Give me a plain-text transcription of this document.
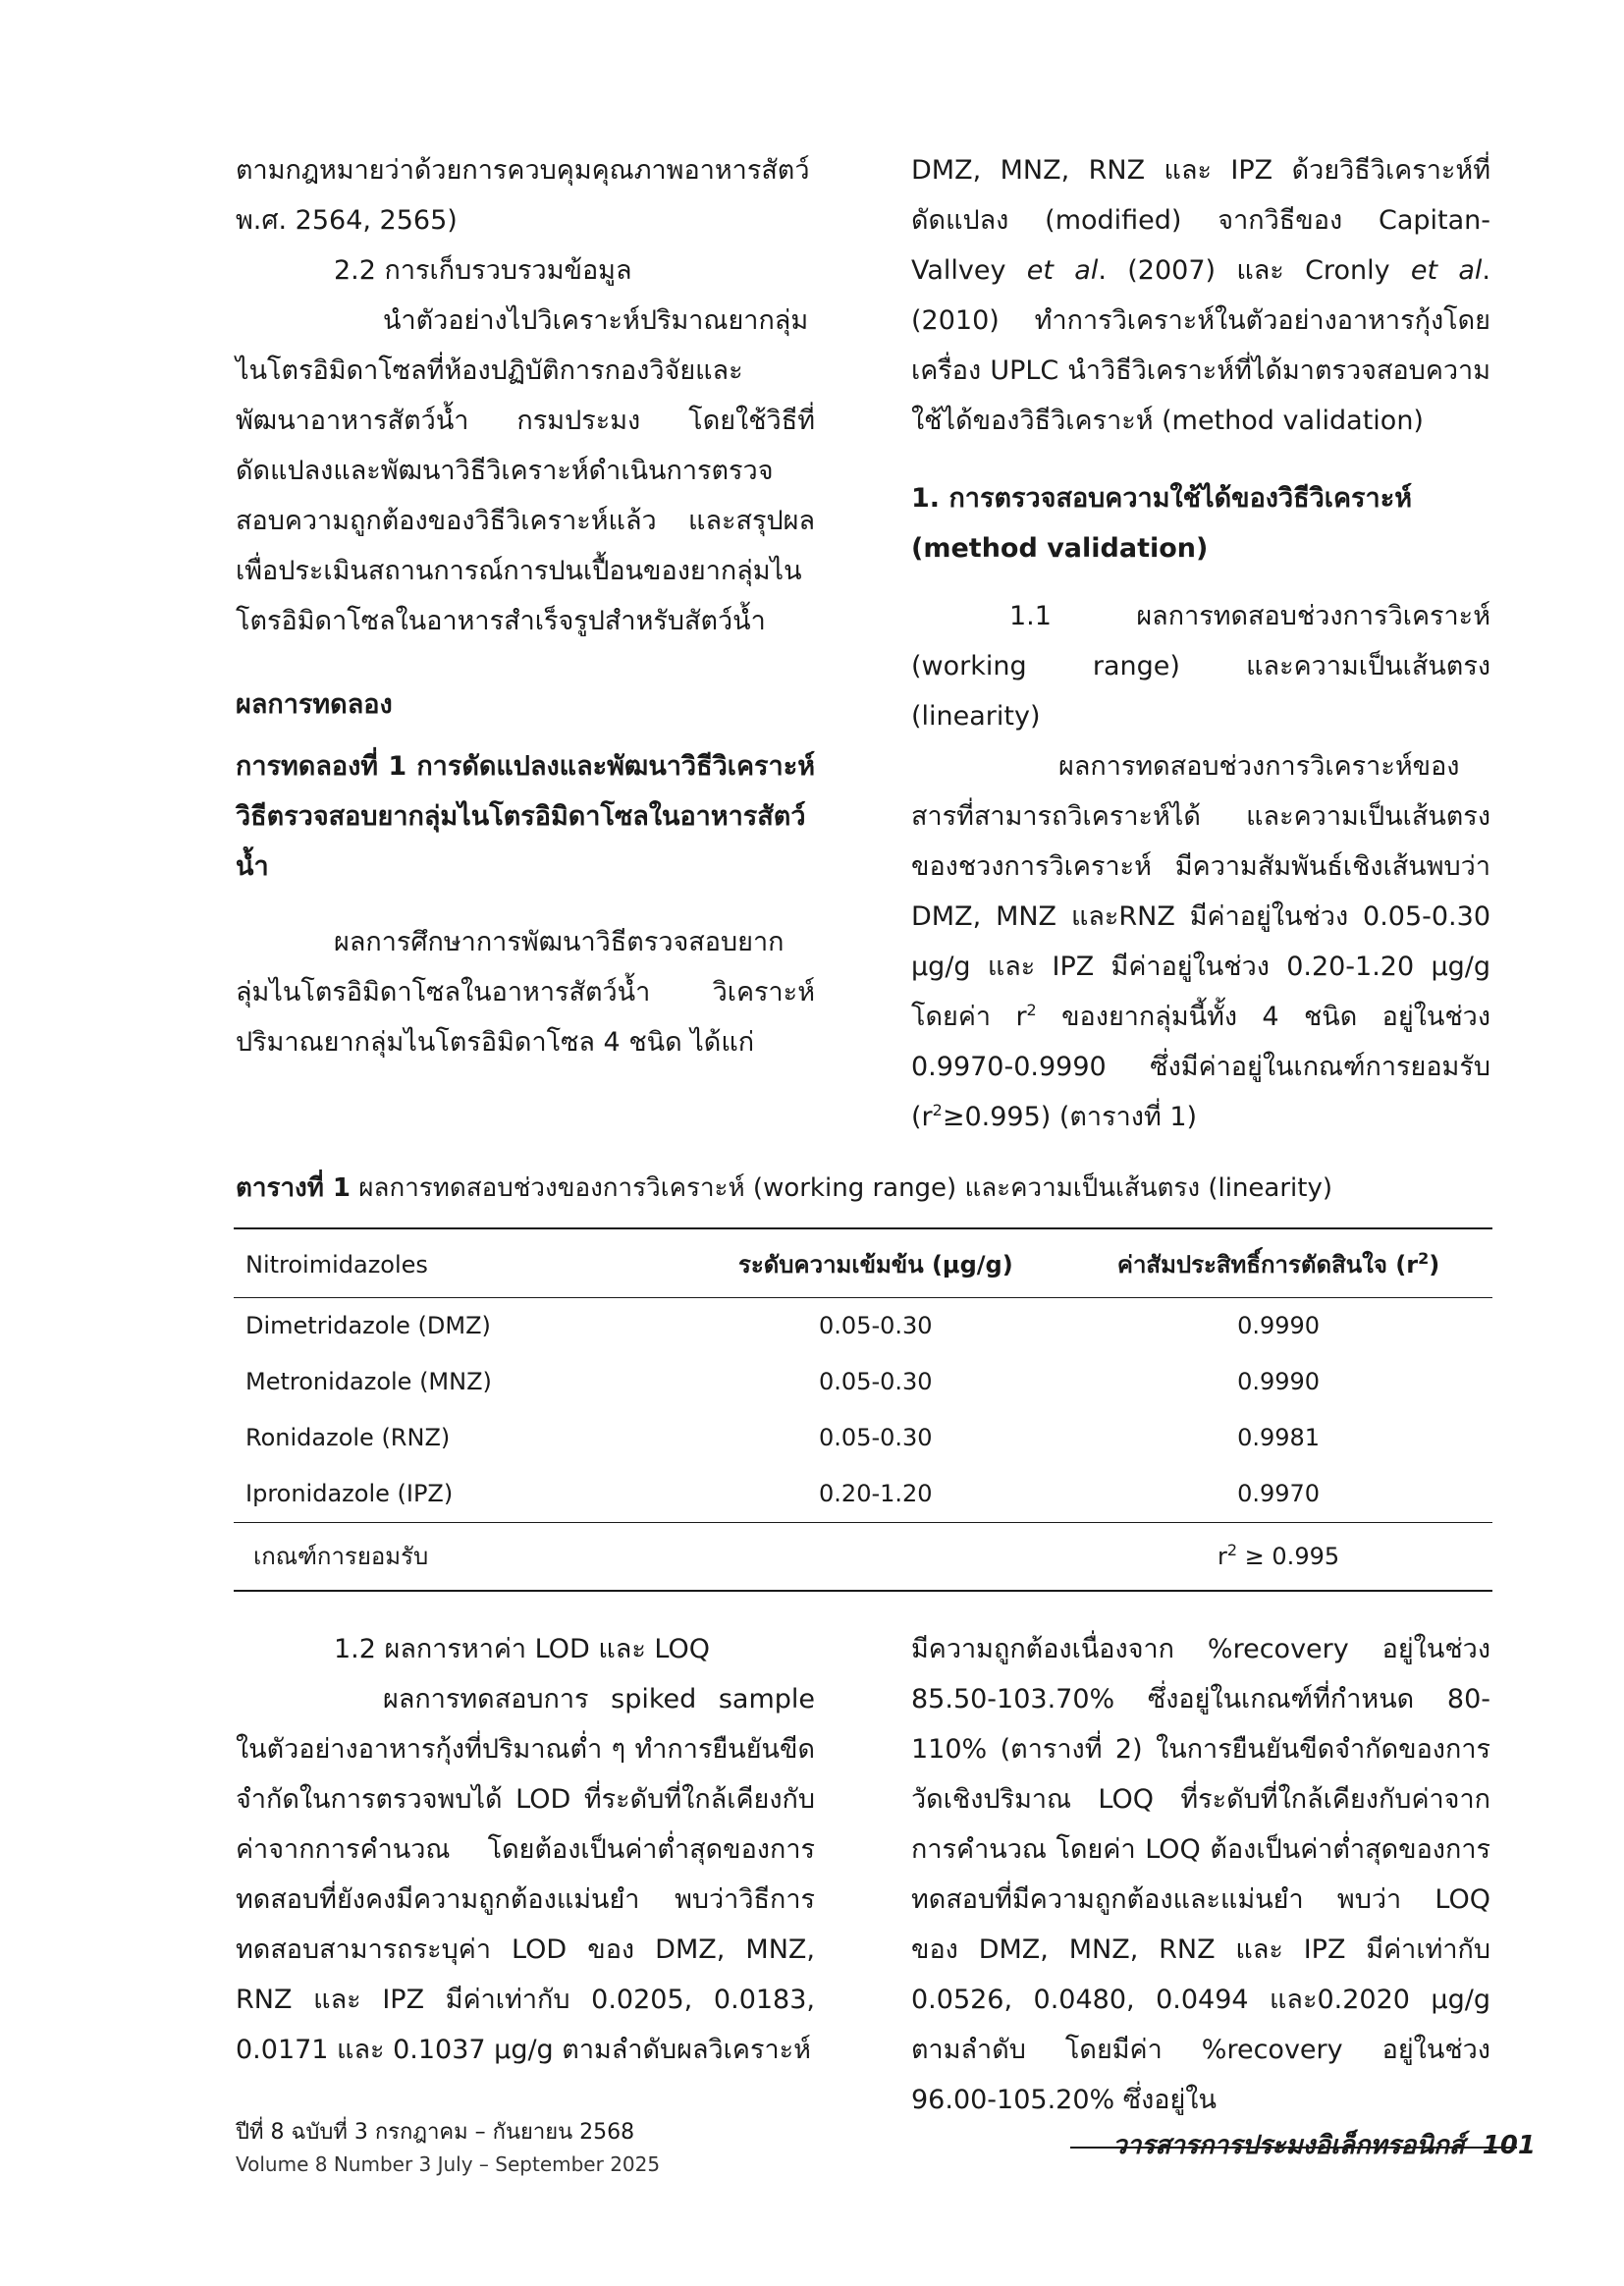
ตามกฎหมายว่าด้วยการควบคุมคุณภาพอาหารสัตว์ พ.ศ. 2564, 2565)

2.2 การเก็บรวบรวมข้อมูล

นำตัวอย่างไปวิเคราะห์ปริมาณยากลุ่มไนโตรอิมิดาโซลที่ห้องปฏิบัติการกองวิจัยและพัฒนาอาหารสัตว์น้ำ กรมประมง โดยใช้วิธีที่ดัดแปลงและพัฒนาวิธีวิเคราะห์ดำเนินการตรวจสอบความถูกต้องของวิธีวิเคราะห์แล้ว และสรุปผลเพื่อประเมินสถานการณ์การปนเปื้อนของยากลุ่มไนโตรอิมิดาโซลในอาหารสำเร็จรูปสำหรับสัตว์น้ำ

ผลการทดลอง

การทดลองที่ 1 การดัดแปลงและพัฒนาวิธีวิเคราะห์วิธีตรวจสอบยากลุ่มไนโตรอิมิดาโซลในอาหารสัตว์น้ำ

ผลการศึกษาการพัฒนาวิธีตรวจสอบยากลุ่มไนโตรอิมิดาโซลในอาหารสัตว์น้ำ วิเคราะห์ปริมาณยากลุ่มไนโตรอิมิดาโซล 4 ชนิด ได้แก่

DMZ, MNZ, RNZ และ IPZ ด้วยวิธีวิเคราะห์ที่ดัดแปลง (modified) จากวิธีของ Capitan-Vallvey et al. (2007) และ Cronly et al. (2010) ทำการวิเคราะห์ในตัวอย่างอาหารกุ้งโดยเครื่อง UPLC นำวิธีวิเคราะห์ที่ได้มาตรวจสอบความใช้ได้ของวิธีวิเคราะห์ (method validation)

1. การตรวจสอบความใช้ได้ของวิธีวิเคราะห์ (method validation)

1.1 ผลการทดสอบช่วงการวิเคราะห์ (working range) และความเป็นเส้นตรง (linearity)

ผลการทดสอบช่วงการวิเคราะห์ของสารที่สามารถวิเคราะห์ได้ และความเป็นเส้นตรงของชวงการวิเคราะห์ มีความสัมพันธ์เชิงเส้นพบว่า DMZ, MNZ และRNZ มีค่าอยู่ในช่วง 0.05-0.30 μg/g และ IPZ มีค่าอยู่ในช่วง 0.20-1.20 μg/g โดยค่า $r^2$ ของยากลุ่มนี้ทั้ง 4 ชนิด อยู่ในช่วง 0.9970-0.9990 ซึ่งมีค่าอยู่ในเกณฑ์การยอมรับ $(r^2\ge 0.995)$ (ตารางที่ 1)

ตารางที่ 1 ผลการทดสอบช่วงของการวิเคราะห์ (working range) และความเป็นเส้นตรง (linearity)

Nitroimidazoles	ระดับความเข้มข้น (μg/g)	ค่าสัมประสิทธิ์การตัดสินใจ $(r^2)$
Dimetridazole (DMZ)	0.05-0.30	0.9990
Metronidazole (MNZ)	0.05-0.30	0.9990
Ronidazole (RNZ)	0.05-0.30	0.9981
Ipronidazole (IPZ)	0.20-1.20	0.9970
เกณฑ์การยอมรับ		$r^2 \ge 0.995$

1.2 ผลการหาค่า LOD และ LOQ

ผลการทดสอบการ spiked sample ในตัวอย่างอาหารกุ้งที่ปริมาณต่ำ ๆ ทำการยืนยันขีดจำกัดในการตรวจพบได้ LOD ที่ระดับที่ใกล้เคียงกับค่าจากการคำนวณ โดยต้องเป็นค่าต่ำสุดของการทดสอบที่ยังคงมีความถูกต้องแม่นยำ พบว่าวิธีการทดสอบสามารถระบุค่า LOD ของ DMZ, MNZ, RNZ และ IPZ มีค่าเท่ากับ 0.0205, 0.0183, 0.0171 และ 0.1037 μg/g ตามลำดับผลวิเคราะห์

มีความถูกต้องเนื่องจาก %recovery อยู่ในช่วง 85.50-103.70% ซึ่งอยู่ในเกณฑ์ที่กำหนด 80-110% (ตารางที่ 2) ในการยืนยันขีดจำกัดของการวัดเชิงปริมาณ LOQ ที่ระดับที่ใกล้เคียงกับค่าจากการคำนวณ โดยค่า LOQ ต้องเป็นค่าต่ำสุดของการทดสอบที่มีความถูกต้องและแม่นยำ พบว่า LOQ ของ DMZ, MNZ, RNZ และ IPZ มีค่าเท่ากับ 0.0526, 0.0480, 0.0494 และ0.2020 μg/g ตามลำดับ โดยมีค่า %recovery อยู่ในช่วง 96.00-105.20% ซึ่งอยู่ใน

ปีที่ 8 ฉบับที่ 3 กรกฎาคม – กันยายน 2568
Volume 8 Number 3 July – September 2025
วารสารการประมงอิเล็กทรอนิกส์ 101
